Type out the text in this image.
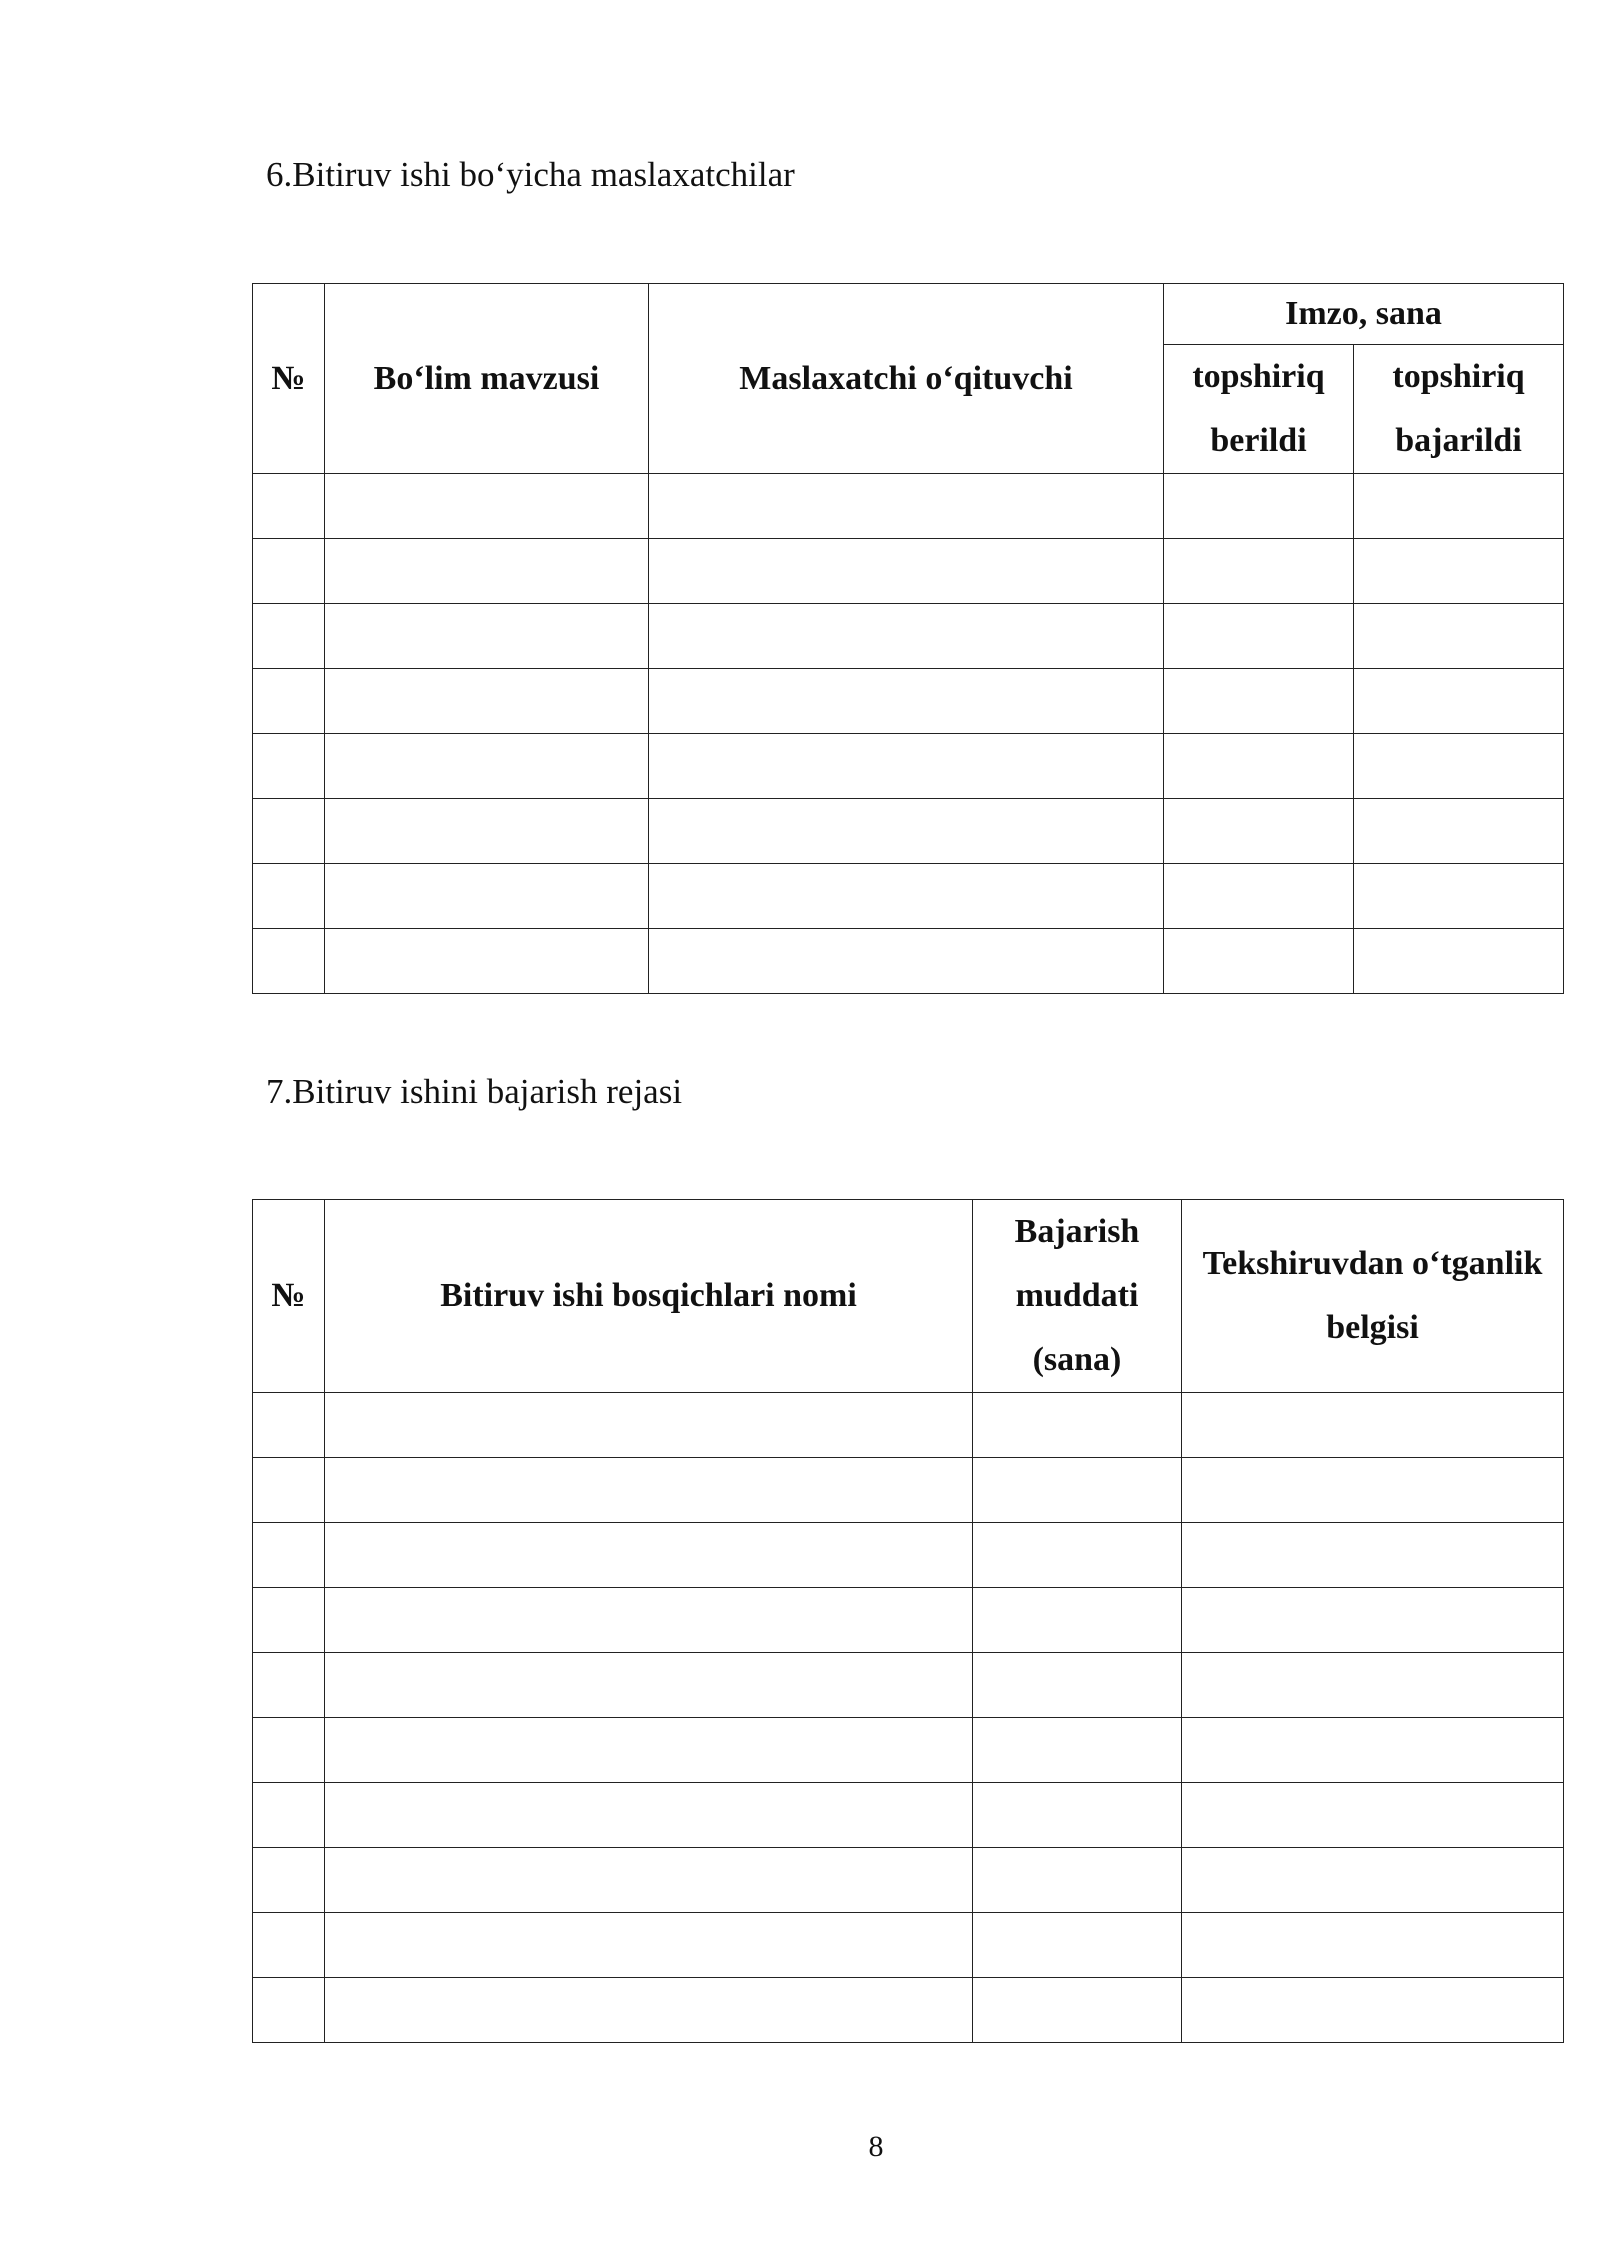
6.Bitiruv ishi bo‘yicha maslaxatchilar
№	Bo‘lim mavzusi	Maslaxatchi o‘qituvchi	Imzo, sana	
			topshiriq berildi	topshiriq bajarildi

7.Bitiruv ishini bajarish rejasi
№	Bitiruv ishi bosqichlari nomi	Bajarish muddati (sana)	Tekshiruvdan o‘tganlik belgisi

8
